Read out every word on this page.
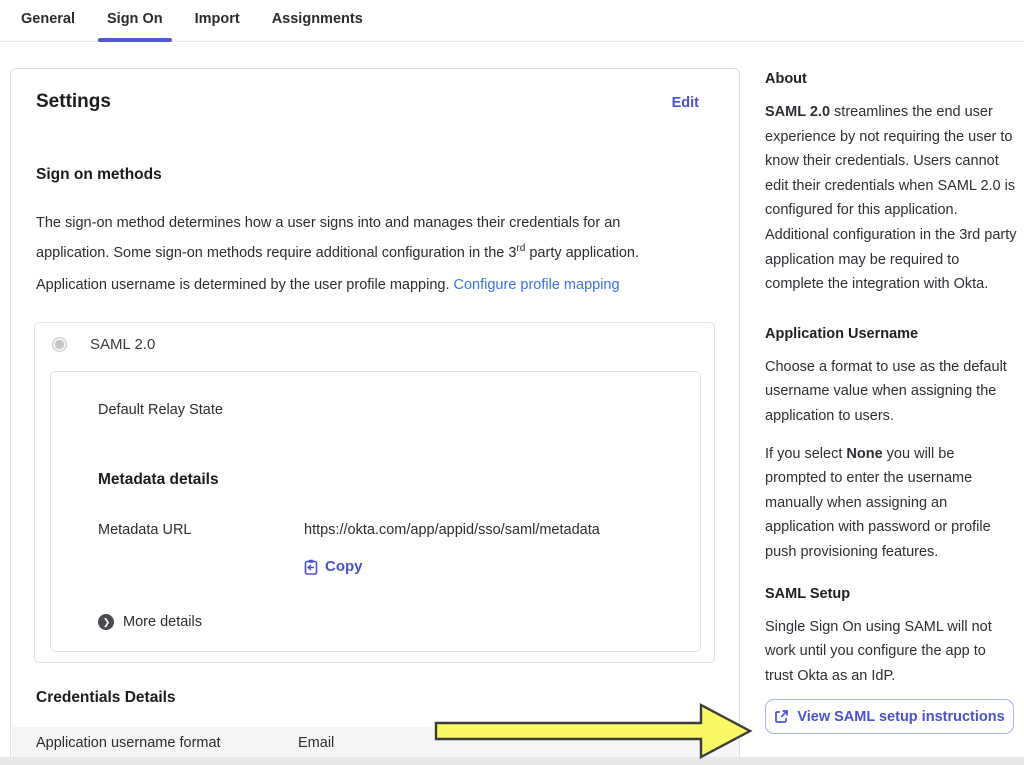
General	Sign On	Import	Assignments
Settings	Edit
Sign on methods

The sign-on method determines how a user signs into and manages their credentials for an application. Some sign-on methods require additional configuration in the 3rd party application.

Application username is determined by the user profile mapping. Configure profile mapping

SAML 2.0
Default Relay State
Metadata details
Metadata URL	https://okta.com/app/appid/sso/saml/metadata
Copy
❯ More details
Credentials Details
Application username format	Email
About

SAML 2.0 streamlines the end user experience by not requiring the user to know their credentials. Users cannot edit their credentials when SAML 2.0 is configured for this application. Additional configuration in the 3rd party application may be required to complete the integration with Okta.

Application Username

Choose a format to use as the default username value when assigning the application to users.

If you select None you will be prompted to enter the username manually when assigning an application with password or profile push provisioning features.

SAML Setup

Single Sign On using SAML will not work until you configure the app to trust Okta as an IdP.

View SAML setup instructions
